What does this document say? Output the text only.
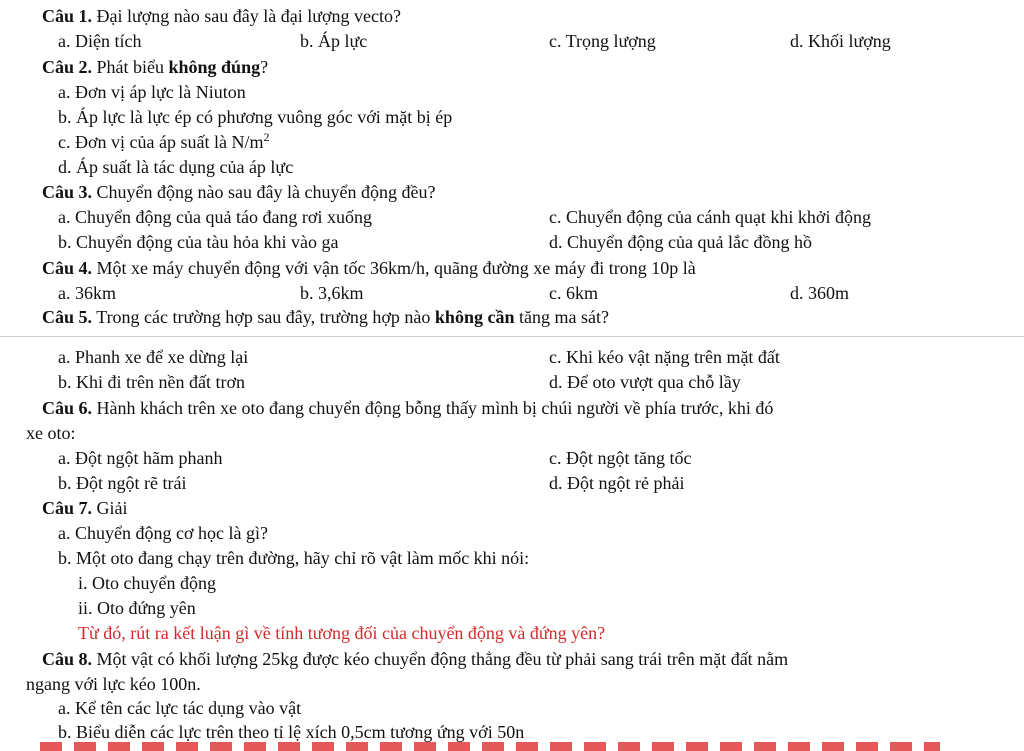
Câu 1. Đại lượng nào sau đây là đại lượng vecto?
a. Diện tích	b. Áp lực	c. Trọng lượng	d. Khối lượng
Câu 2. Phát biểu không đúng?
a. Đơn vị áp lực là Niuton
b. Áp lực là lực ép có phương vuông góc với mặt bị ép
c. Đơn vị của áp suất là $N/m^2$
d. Áp suất là tác dụng của áp lực
Câu 3. Chuyển động nào sau đây là chuyển động đều?
a. Chuyển động của quả táo đang rơi xuống	c. Chuyển động của cánh quạt khi khởi động
b. Chuyển động của tàu hỏa khi vào ga	d. Chuyển động của quả lắc đồng hồ
Câu 4. Một xe máy chuyển động với vận tốc 36km/h, quãng đường xe máy đi trong 10p là
a. 36km	b. 3,6km	c. 6km	d. 360m
Câu 5. Trong các trường hợp sau đây, trường hợp nào không cần tăng ma sát?
a. Phanh xe để xe dừng lại	c. Khi kéo vật nặng trên mặt đất
b. Khi đi trên nền đất trơn	d. Để oto vượt qua chỗ lầy
Câu 6. Hành khách trên xe oto đang chuyển động bỗng thấy mình bị chúi người về phía trước, khi đó
xe oto:
a. Đột ngột hãm phanh	c. Đột ngột tăng tốc
b. Đột ngột rẽ trái	d. Đột ngột rẻ phải
Câu 7. Giải
a. Chuyển động cơ học là gì?
b. Một oto đang chạy trên đường, hãy chỉ rõ vật làm mốc khi nói:
i. Oto chuyển động
ii. Oto đứng yên
Từ đó, rút ra kết luận gì về tính tương đối của chuyển động và đứng yên?
Câu 8. Một vật có khối lượng 25kg được kéo chuyển động thẳng đều từ phải sang trái trên mặt đất nằm
ngang với lực kéo 100n.
a. Kể tên các lực tác dụng vào vật
b. Biểu diễn các lực trên theo tỉ lệ xích 0,5cm tương ứng với 50n
